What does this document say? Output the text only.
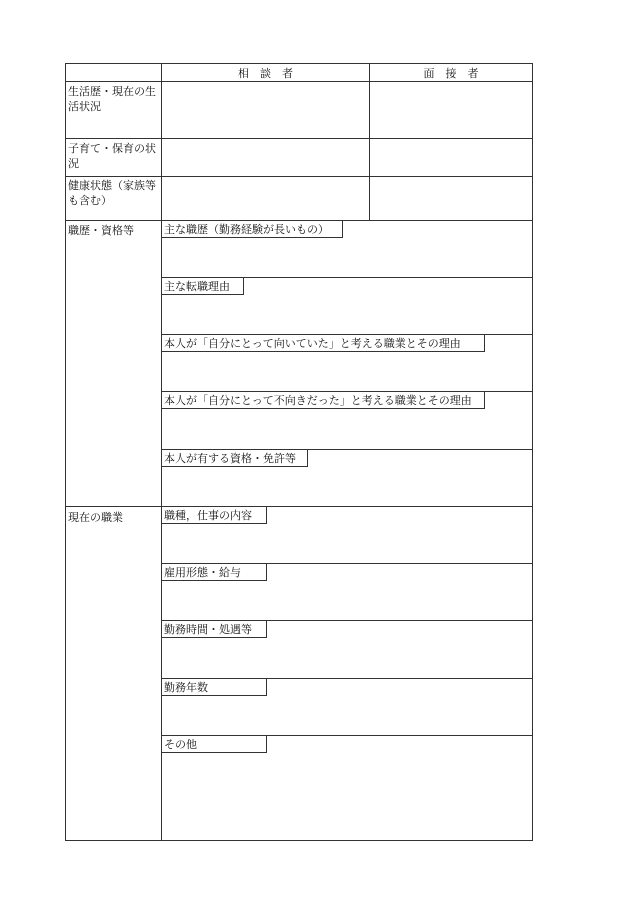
相　談　者	面　接　者
生活歴・現在の生活状況
子育て・保育の状況
健康状態（家族等も含む）
職歴・資格等
現在の職業
主な職歴（勤務経験が長いもの）
主な転職理由
本人が「自分にとって向いていた」と考える職業とその理由
本人が「自分にとって不向きだった」と考える職業とその理由
本人が有する資格・免許等
職種，仕事の内容
雇用形態・給与
勤務時間・処遇等
勤務年数
その他
